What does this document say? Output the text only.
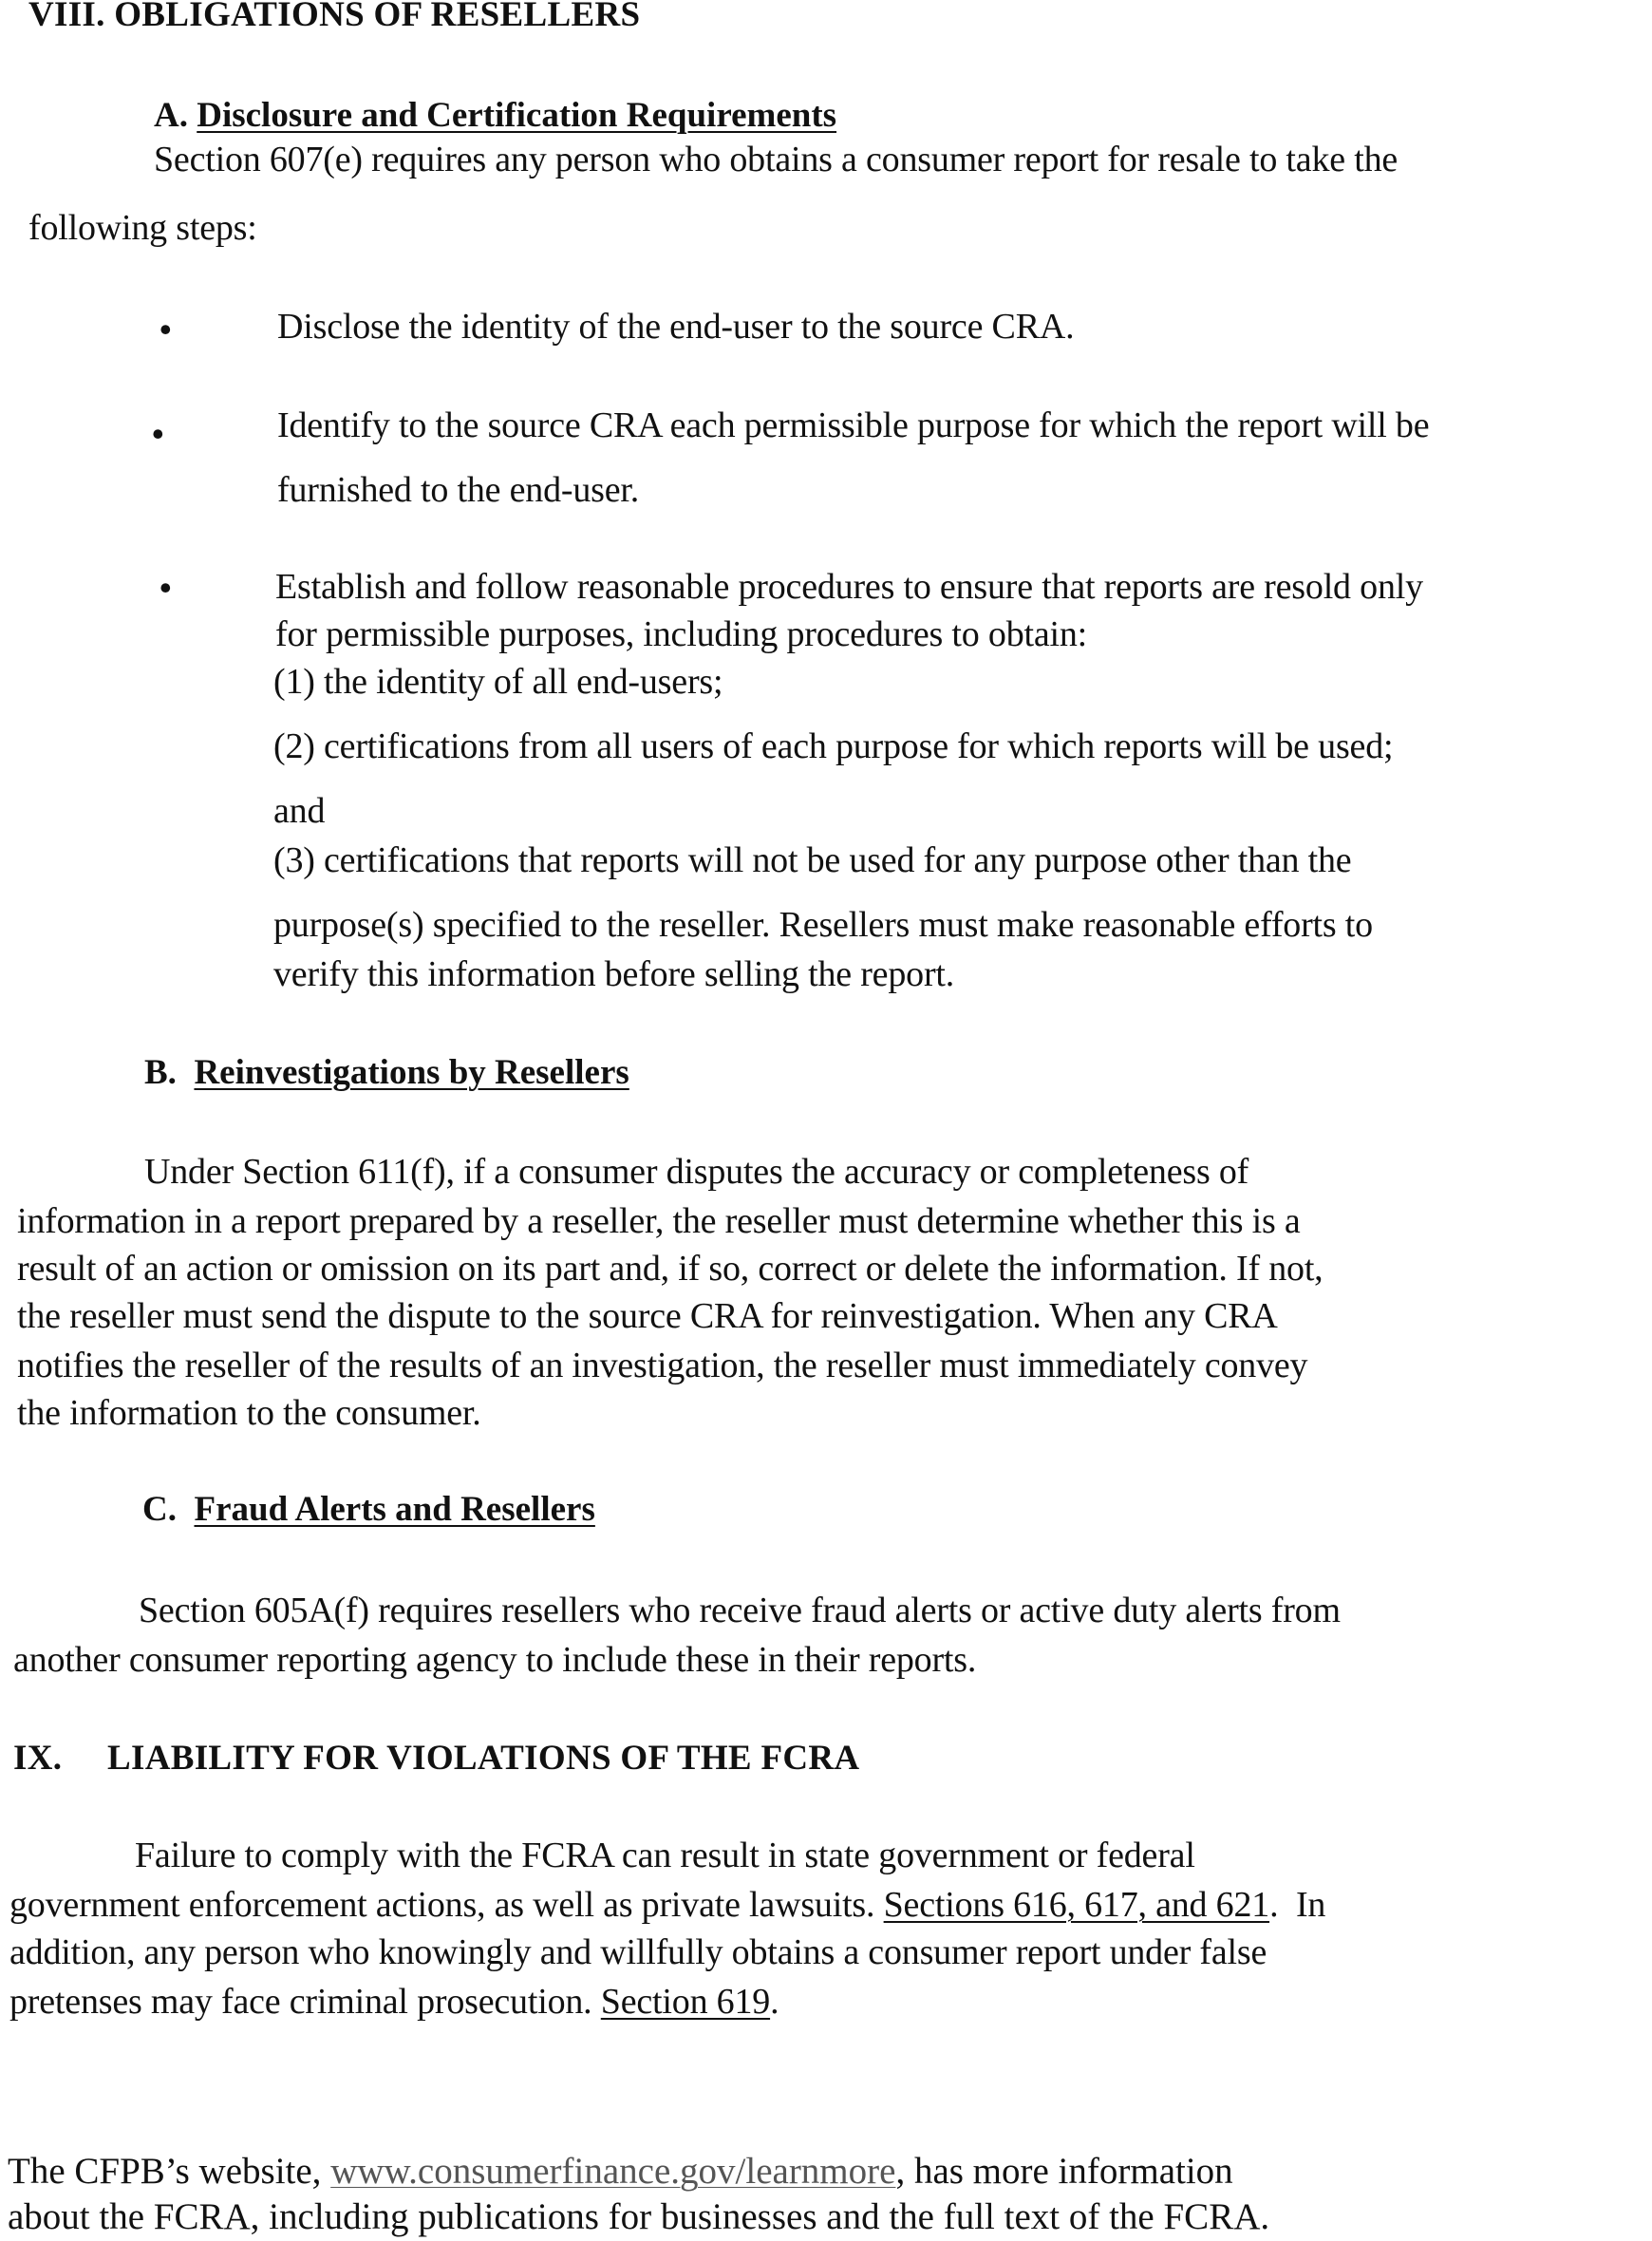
VIII. OBLIGATIONS OF RESELLERS
A. Disclosure and Certification Requirements
Section 607(e) requires any person who obtains a consumer report for resale to take the
following steps:
•	Disclose the identity of the end-user to the source CRA.
•	Identify to the source CRA each permissible purpose for which the report will be
furnished to the end-user.
•	Establish and follow reasonable procedures to ensure that reports are resold only
for permissible purposes, including procedures to obtain:
(1) the identity of all end-users;
(2) certifications from all users of each purpose for which reports will be used;
and
(3) certifications that reports will not be used for any purpose other than the
purpose(s) specified to the reseller. Resellers must make reasonable efforts to
verify this information before selling the report.
B. Reinvestigations by Resellers
Under Section 611(f), if a consumer disputes the accuracy or completeness of
information in a report prepared by a reseller, the reseller must determine whether this is a
result of an action or omission on its part and, if so, correct or delete the information. If not,
the reseller must send the dispute to the source CRA for reinvestigation. When any CRA
notifies the reseller of the results of an investigation, the reseller must immediately convey
the information to the consumer.
C. Fraud Alerts and Resellers
Section 605A(f) requires resellers who receive fraud alerts or active duty alerts from
another consumer reporting agency to include these in their reports.
IX.     LIABILITY FOR VIOLATIONS OF THE FCRA
Failure to comply with the FCRA can result in state government or federal
government enforcement actions, as well as private lawsuits. Sections 616, 617, and 621.  In
addition, any person who knowingly and willfully obtains a consumer report under false
pretenses may face criminal prosecution. Section 619.
The CFPB’s website, www.consumerfinance.gov/learnmore, has more information
about the FCRA, including publications for businesses and the full text of the FCRA.
